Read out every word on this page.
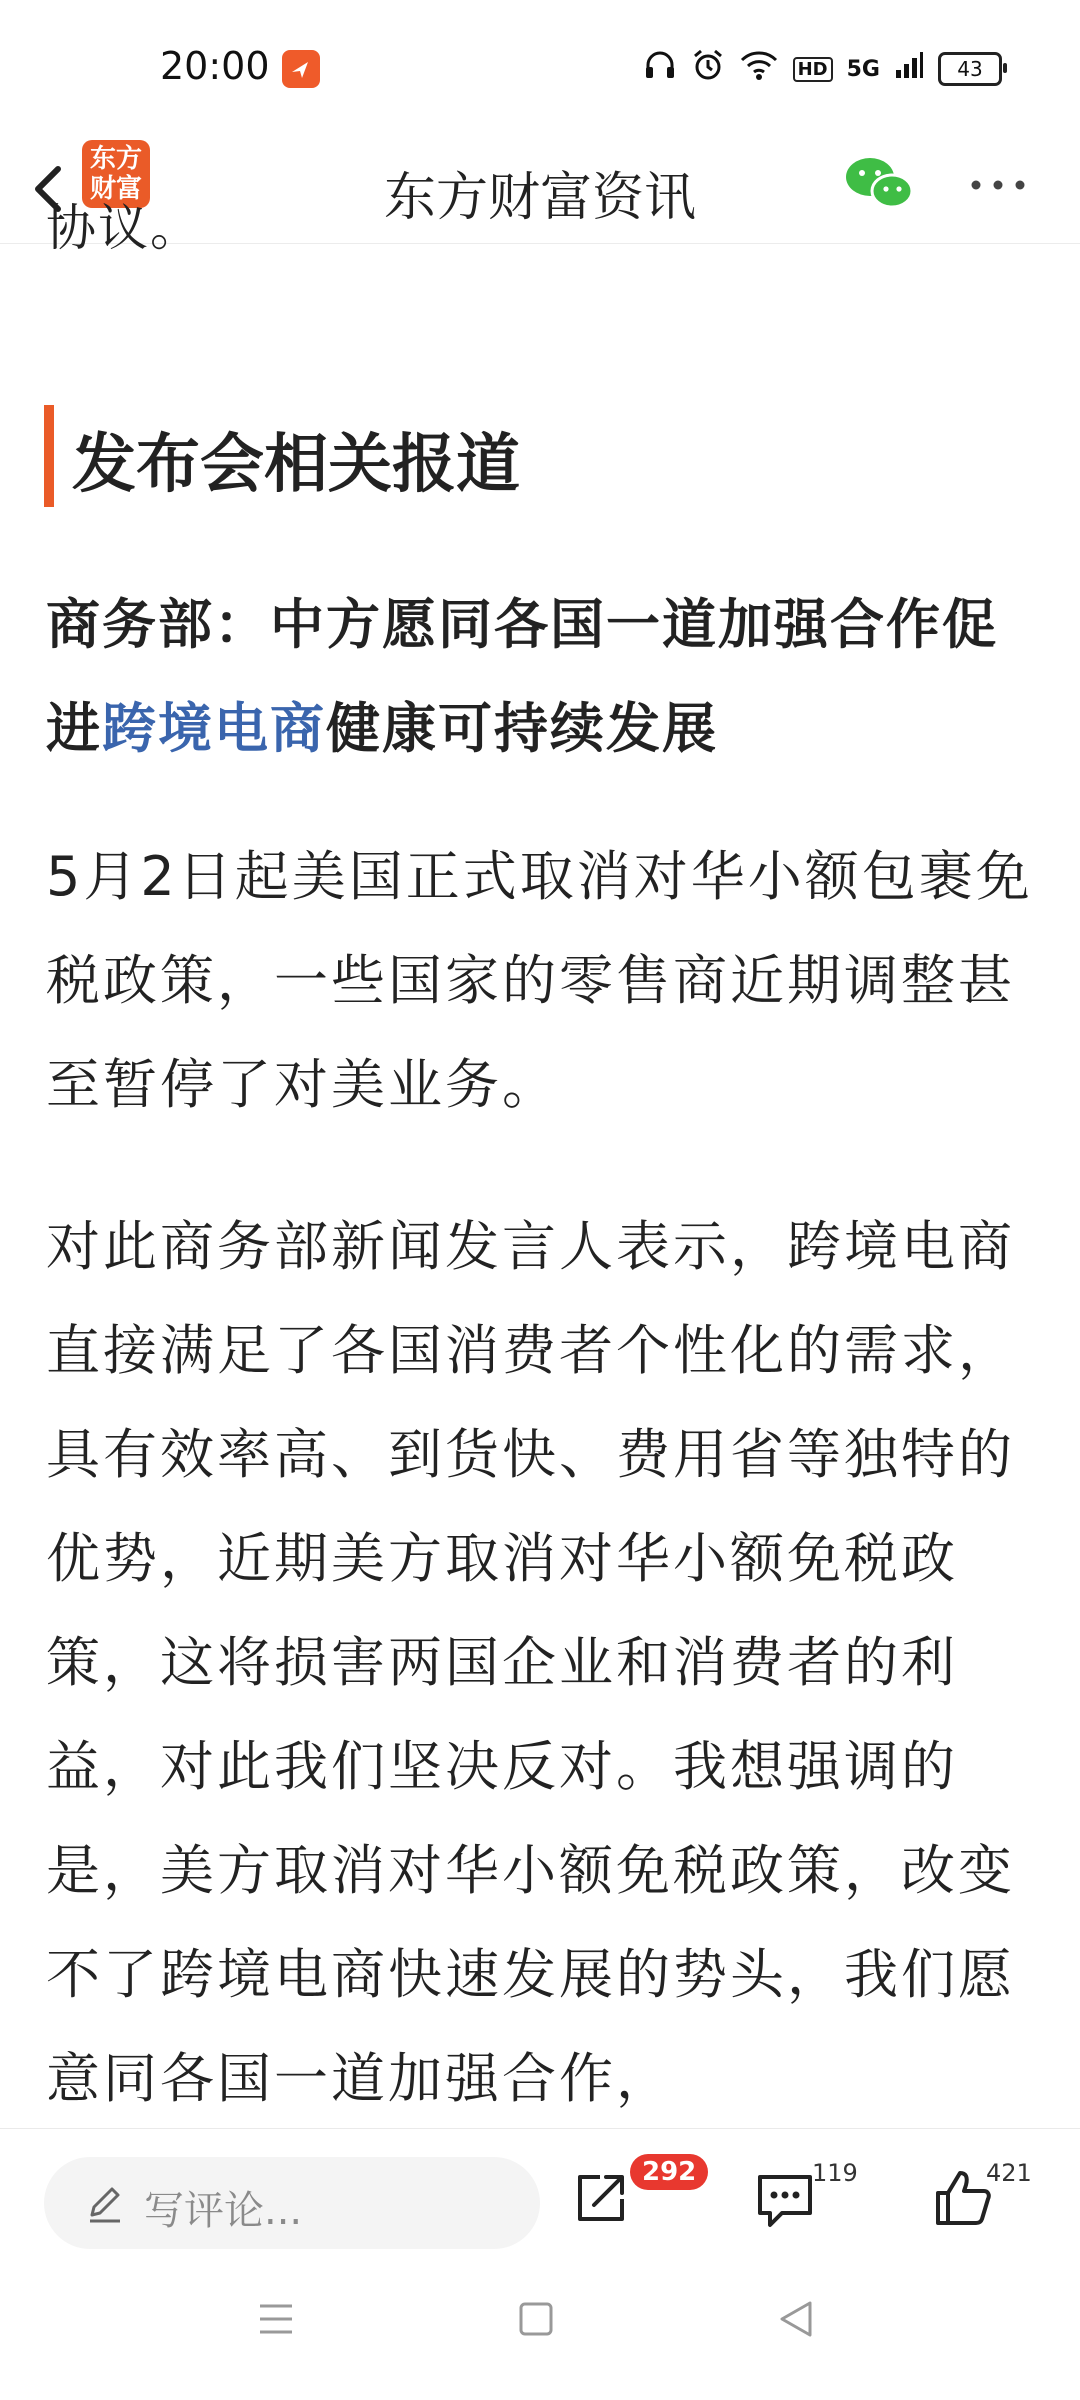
20:00	HD 5G	43
东方
财富	东方财富资讯
协议。
发布会相关报道
商务部：中方愿同各国一道加强合作促进跨境电商健康可持续发展

5月2日起美国正式取消对华小额包裹免税政策，一些国家的零售商近期调整甚至暂停了对美业务。

对此商务部新闻发言人表示，跨境电商直接满足了各国消费者个性化的需求，具有效率高、到货快、费用省等独特的优势，近期美方取消对华小额免税政策，这将损害两国企业和消费者的利益，对此我们坚决反对。我想强调的是，美方取消对华小额免税政策，改变不了跨境电商快速发展的势头，我们愿意同各国一道加强合作，

写评论...
292	119	421
